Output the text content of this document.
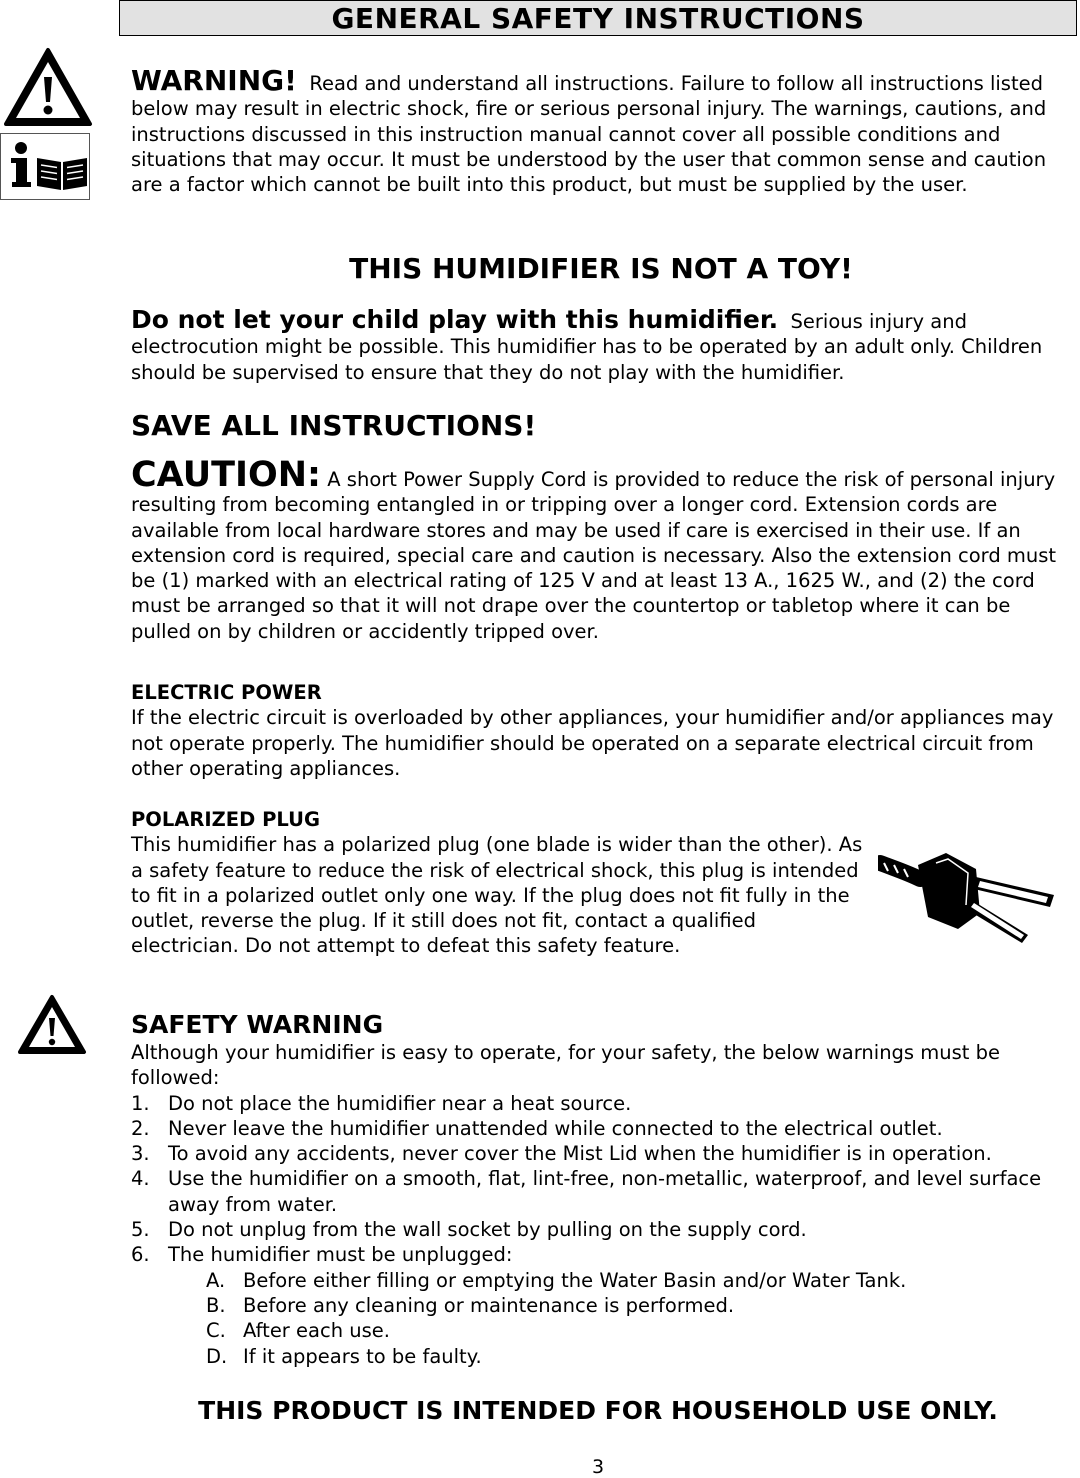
GENERAL SAFETY INSTRUCTIONS

WARNING! Read and understand all instructions. Failure to follow all instructions listed below may result in electric shock, fire or serious personal injury. The warnings, cautions, and instructions discussed in this instruction manual cannot cover all possible conditions and situations that may occur. It must be understood by the user that common sense and caution are a factor which cannot be built into this product, but must be supplied by the user.

THIS HUMIDIFIER IS NOT A TOY!

Do not let your child play with this humidifier. Serious injury and electrocution might be possible. This humidifier has to be operated by an adult only. Children should be supervised to ensure that they do not play with the humidifier.

SAVE ALL INSTRUCTIONS!

CAUTION: A short Power Supply Cord is provided to reduce the risk of personal injury resulting from becoming entangled in or tripping over a longer cord. Extension cords are available from local hardware stores and may be used if care is exercised in their use. If an extension cord is required, special care and caution is necessary. Also the extension cord must be (1) marked with an electrical rating of 125 V and at least 13 A., 1625 W., and (2) the cord must be arranged so that it will not drape over the countertop or tabletop where it can be pulled on by children or accidently tripped over.

ELECTRIC POWER

If the electric circuit is overloaded by other appliances, your humidifier and/or appliances may not operate properly. The humidifier should be operated on a separate electrical circuit from other operating appliances.

POLARIZED PLUG

This humidifier has a polarized plug (one blade is wider than the other). As a safety feature to reduce the risk of electrical shock, this plug is intended to fit in a polarized outlet only one way. If the plug does not fit fully in the outlet, reverse the plug. If it still does not fit, contact a qualified electrician. Do not attempt to defeat this safety feature.

SAFETY WARNING

Although your humidifier is easy to operate, for your safety, the below warnings must be followed:

1. Do not place the humidifier near a heat source.
2. Never leave the humidifier unattended while connected to the electrical outlet.
3. To avoid any accidents, never cover the Mist Lid when the humidifier is in operation.
4. Use the humidifier on a smooth, flat, lint-free, non-metallic, waterproof, and level surface away from water.
5. Do not unplug from the wall socket by pulling on the supply cord.
6. The humidifier must be unplugged:
A. Before either filling or emptying the Water Basin and/or Water Tank.
B. Before any cleaning or maintenance is performed.
C. After each use.
D. If it appears to be faulty.
THIS PRODUCT IS INTENDED FOR HOUSEHOLD USE ONLY.
3
